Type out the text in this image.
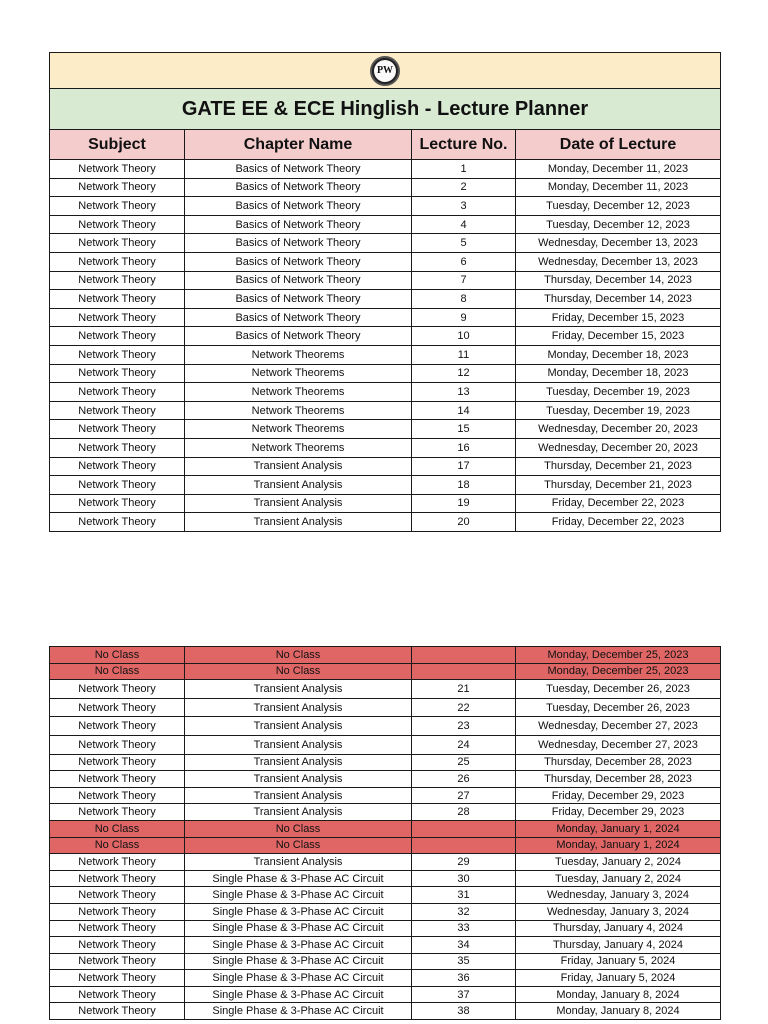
PW			

GATE EE & ECE Hinglish - Lecture Planner			
Subject	Chapter Name	Lecture No.	Date of Lecture
Network Theory	Basics of Network Theory	1	Monday, December 11, 2023
Network Theory	Basics of Network Theory	2	Monday, December 11, 2023
Network Theory	Basics of Network Theory	3	Tuesday, December 12, 2023
Network Theory	Basics of Network Theory	4	Tuesday, December 12, 2023
Network Theory	Basics of Network Theory	5	Wednesday, December 13, 2023
Network Theory	Basics of Network Theory	6	Wednesday, December 13, 2023
Network Theory	Basics of Network Theory	7	Thursday, December 14, 2023
Network Theory	Basics of Network Theory	8	Thursday, December 14, 2023
Network Theory	Basics of Network Theory	9	Friday, December 15, 2023
Network Theory	Basics of Network Theory	10	Friday, December 15, 2023
Network Theory	Network Theorems	11	Monday, December 18, 2023
Network Theory	Network Theorems	12	Monday, December 18, 2023
Network Theory	Network Theorems	13	Tuesday, December 19, 2023
Network Theory	Network Theorems	14	Tuesday, December 19, 2023
Network Theory	Network Theorems	15	Wednesday, December 20, 2023
Network Theory	Network Theorems	16	Wednesday, December 20, 2023
Network Theory	Transient Analysis	17	Thursday, December 21, 2023
Network Theory	Transient Analysis	18	Thursday, December 21, 2023
Network Theory	Transient Analysis	19	Friday, December 22, 2023
Network Theory	Transient Analysis	20	Friday, December 22, 2023
No Class	No Class		Monday, December 25, 2023
No Class	No Class		Monday, December 25, 2023
Network Theory	Transient Analysis	21	Tuesday, December 26, 2023
Network Theory	Transient Analysis	22	Tuesday, December 26, 2023
Network Theory	Transient Analysis	23	Wednesday, December 27, 2023
Network Theory	Transient Analysis	24	Wednesday, December 27, 2023
Network Theory	Transient Analysis	25	Thursday, December 28, 2023
Network Theory	Transient Analysis	26	Thursday, December 28, 2023
Network Theory	Transient Analysis	27	Friday, December 29, 2023
Network Theory	Transient Analysis	28	Friday, December 29, 2023
No Class	No Class		Monday, January 1, 2024
No Class	No Class		Monday, January 1, 2024
Network Theory	Transient Analysis	29	Tuesday, January 2, 2024
Network Theory	Single Phase & 3-Phase AC Circuit	30	Tuesday, January 2, 2024
Network Theory	Single Phase & 3-Phase AC Circuit	31	Wednesday, January 3, 2024
Network Theory	Single Phase & 3-Phase AC Circuit	32	Wednesday, January 3, 2024
Network Theory	Single Phase & 3-Phase AC Circuit	33	Thursday, January 4, 2024
Network Theory	Single Phase & 3-Phase AC Circuit	34	Thursday, January 4, 2024
Network Theory	Single Phase & 3-Phase AC Circuit	35	Friday, January 5, 2024
Network Theory	Single Phase & 3-Phase AC Circuit	36	Friday, January 5, 2024
Network Theory	Single Phase & 3-Phase AC Circuit	37	Monday, January 8, 2024
Network Theory	Single Phase & 3-Phase AC Circuit	38	Monday, January 8, 2024
